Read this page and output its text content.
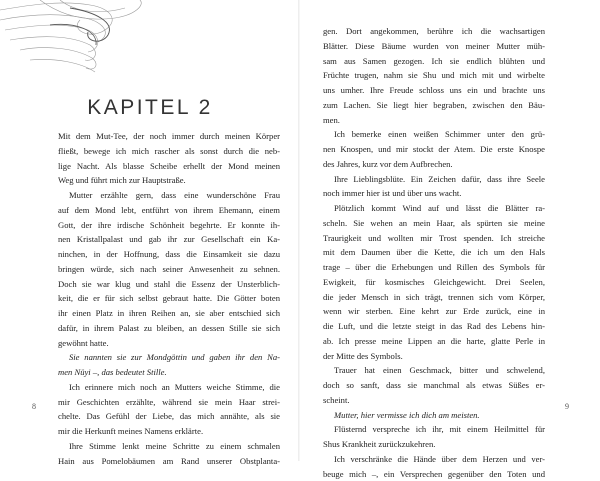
KAPITEL 2
Mit dem Mut-Tee, der noch immer durch meinen Körper
fließt, bewege ich mich rascher als sonst durch die neb-
lige Nacht. Als blasse Scheibe erhellt der Mond meinen
Weg und führt mich zur Hauptstraße.
Mutter erzählte gern, dass eine wunderschöne Frau
auf dem Mond lebt, entführt von ihrem Ehemann, einem
Gott, der ihre irdische Schönheit begehrte. Er konnte ih-
nen Kristallpalast und gab ihr zur Gesellschaft ein Ka-
ninchen, in der Hoffnung, dass die Einsamkeit sie dazu
bringen würde, sich nach seiner Anwesenheit zu sehnen.
Doch sie war klug und stahl die Essenz der Unsterblich-
keit, die er für sich selbst gebraut hatte. Die Götter boten
ihr einen Platz in ihren Reihen an, sie aber entschied sich
dafür, in ihrem Palast zu bleiben, an dessen Stille sie sich
gewöhnt hatte.
Sie nannten sie zur Mondgöttin und gaben ihr den Na-
men Nüyi –, das bedeutet Stille.
Ich erinnere mich noch an Mutters weiche Stimme, die
mir Geschichten erzählte, während sie mein Haar strei-
chelte. Das Gefühl der Liebe, das mich annähte, als sie
mir die Herkunft meines Namens erklärte.
Ihre Stimme lenkt meine Schritte zu einem schmalen
Hain aus Pomelobäumen am Rand unserer Obstplanta-
8
gen. Dort angekommen, berühre ich die wachsartigen
Blätter. Diese Bäume wurden von meiner Mutter müh-
sam aus Samen gezogen. Ich sie endlich blühten und
Früchte trugen, nahm sie Shu und mich mit und wirbelte
uns umher. Ihre Freude schloss uns ein und brachte uns
zum Lachen. Sie liegt hier begraben, zwischen den Bäu-
men.
Ich bemerke einen weißen Schimmer unter den grü-
nen Knospen, und mir stockt der Atem. Die erste Knospe
des Jahres, kurz vor dem Aufbrechen.
Ihre Lieblingsblüte. Ein Zeichen dafür, dass ihre Seele
noch immer hier ist und über uns wacht.
Plötzlich kommt Wind auf und lässt die Blätter ra-
scheln. Sie wehen an mein Haar, als spürten sie meine
Traurigkeit und wollten mir Trost spenden. Ich streiche
mit dem Daumen über die Kette, die ich um den Hals
trage – über die Erhebungen und Rillen des Symbols für
Ewigkeit, für kosmisches Gleichgewicht. Drei Seelen,
die jeder Mensch in sich trägt, trennen sich vom Körper,
wenn wir sterben. Eine kehrt zur Erde zurück, eine in
die Luft, und die letzte steigt in das Rad des Lebens hin-
ab. Ich presse meine Lippen an die harte, glatte Perle in
der Mitte des Symbols.
Trauer hat einen Geschmack, bitter und schwelend,
doch so sanft, dass sie manchmal als etwas Süßes er-
scheint.
Mutter, hier vermisse ich dich am meisten.
Flüsternd verspreche ich ihr, mit einem Heilmittel für
Shus Krankheit zurückzukehren.
Ich verschränke die Hände über dem Herzen und ver-
beuge mich –, ein Versprechen gegenüber den Toten und
9
